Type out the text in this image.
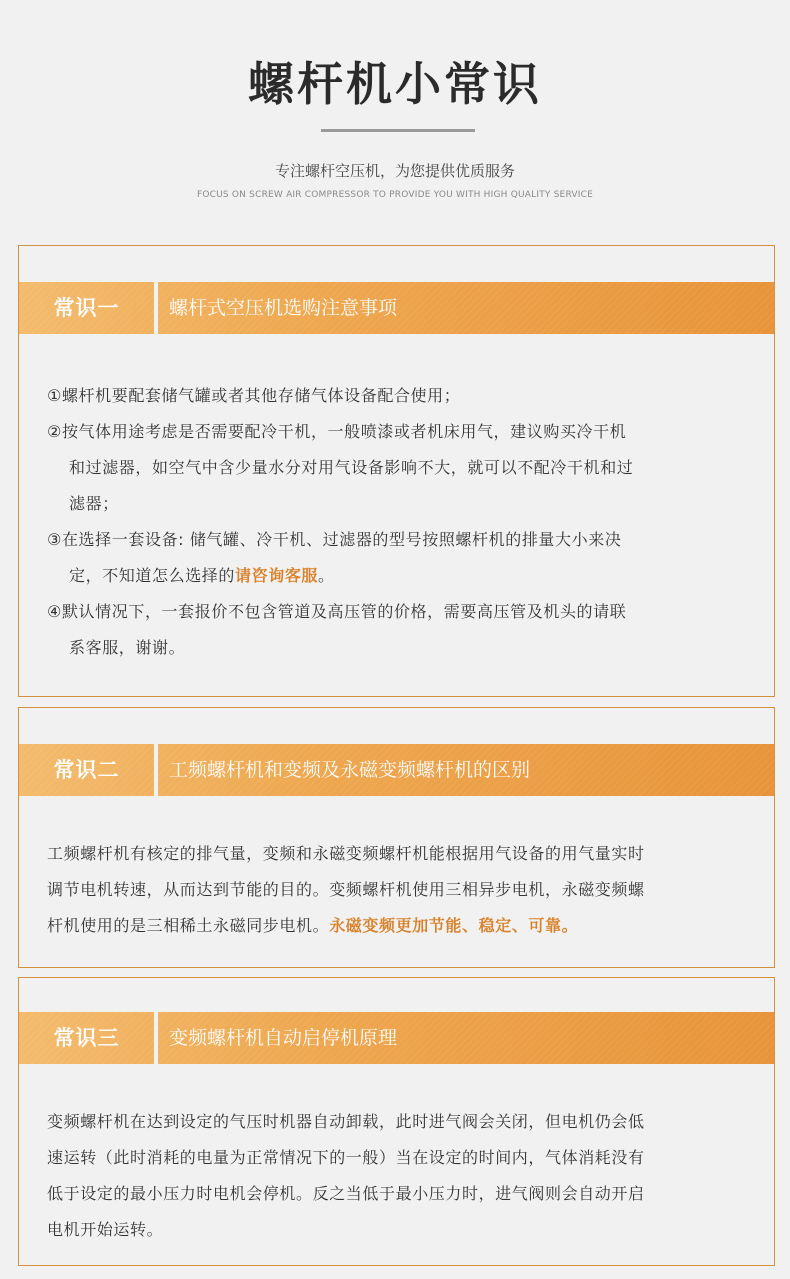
螺杆机小常识
专注螺杆空压机，为您提供优质服务
FOCUS ON SCREW AIR COMPRESSOR TO PROVIDE YOU WITH HIGH QUALITY SERVICE
常识一	螺杆式空压机选购注意事项
①螺杆机要配套储气罐或者其他存储气体设备配合使用；
②按气体用途考虑是否需要配冷干机，一般喷漆或者机床用气，建议购买冷干机
和过滤器，如空气中含少量水分对用气设备影响不大，就可以不配冷干机和过
滤器；
③在选择一套设备: 储气罐、冷干机、过滤器的型号按照螺杆机的排量大小来决
定，不知道怎么选择的请咨询客服。
④默认情况下，一套报价不包含管道及高压管的价格，需要高压管及机头的请联
系客服，谢谢。
常识二	工频螺杆机和变频及永磁变频螺杆机的区别
工频螺杆机有核定的排气量，变频和永磁变频螺杆机能根据用气设备的用气量实时
调节电机转速，从而达到节能的目的。变频螺杆机使用三相异步电机，永磁变频螺
杆机使用的是三相稀土永磁同步电机。永磁变频更加节能、稳定、可靠。
常识三	变频螺杆机自动启停机原理
变频螺杆机在达到设定的气压时机器自动卸载，此时进气阀会关闭，但电机仍会低
速运转（此时消耗的电量为正常情况下的一般）当在设定的时间内，气体消耗没有
低于设定的最小压力时电机会停机。反之当低于最小压力时，进气阀则会自动开启
电机开始运转。
